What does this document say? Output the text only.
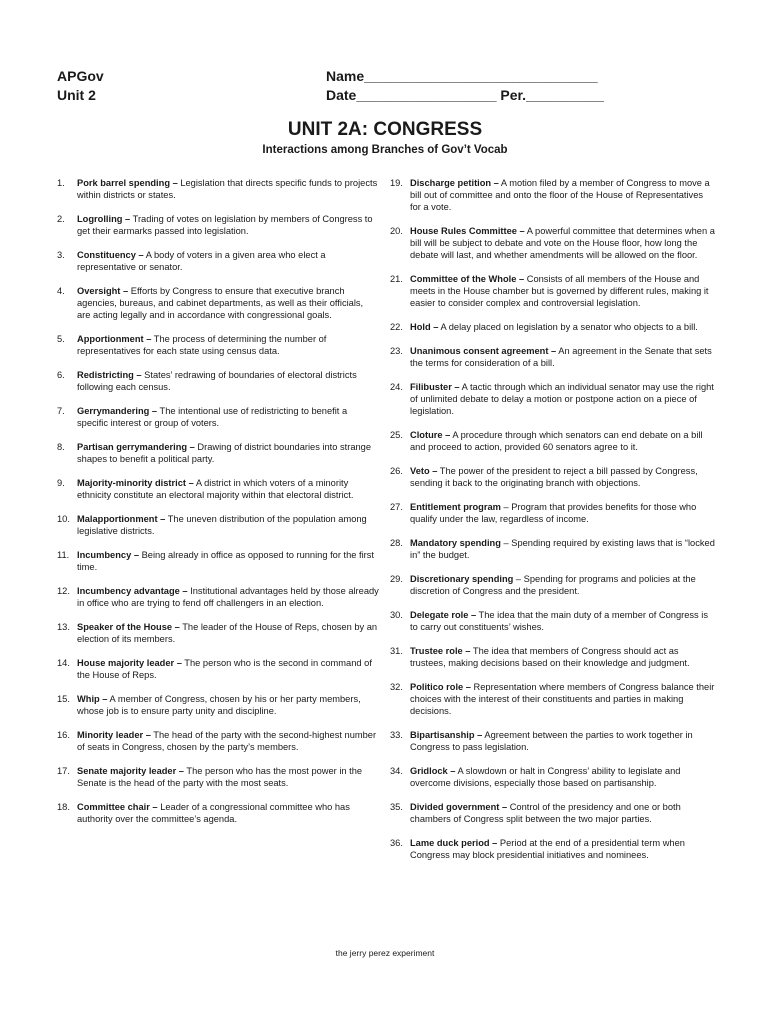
APGov
Unit 2
Name______________________________
Date__________________ Per.__________
UNIT 2A: CONGRESS
Interactions among Branches of Gov’t Vocab
1. Pork barrel spending – Legislation that directs specific funds to projects within districts or states.
2. Logrolling – Trading of votes on legislation by members of Congress to get their earmarks passed into legislation.
3. Constituency – A body of voters in a given area who elect a representative or senator.
4. Oversight – Efforts by Congress to ensure that executive branch agencies, bureaus, and cabinet departments, as well as their officials, are acting legally and in accordance with congressional goals.
5. Apportionment – The process of determining the number of representatives for each state using census data.
6. Redistricting – States’ redrawing of boundaries of electoral districts following each census.
7. Gerrymandering – The intentional use of redistricting to benefit a specific interest or group of voters.
8. Partisan gerrymandering – Drawing of district boundaries into strange shapes to benefit a political party.
9. Majority-minority district – A district in which voters of a minority ethnicity constitute an electoral majority within that electoral district.
10. Malapportionment – The uneven distribution of the population among legislative districts.
11. Incumbency – Being already in office as opposed to running for the first time.
12. Incumbency advantage – Institutional advantages held by those already in office who are trying to fend off challengers in an election.
13. Speaker of the House – The leader of the House of Reps, chosen by an election of its members.
14. House majority leader – The person who is the second in command of the House of Reps.
15. Whip – A member of Congress, chosen by his or her party members, whose job is to ensure party unity and discipline.
16. Minority leader – The head of the party with the second-highest number of seats in Congress, chosen by the party’s members.
17. Senate majority leader – The person who has the most power in the Senate is the head of the party with the most seats.
18. Committee chair – Leader of a congressional committee who has authority over the committee’s agenda.
19. Discharge petition – A motion filed by a member of Congress to move a bill out of committee and onto the floor of the House of Representatives for a vote.
20. House Rules Committee – A powerful committee that determines when a bill will be subject to debate and vote on the House floor, how long the debate will last, and whether amendments will be allowed on the floor.
21. Committee of the Whole – Consists of all members of the House and meets in the House chamber but is governed by different rules, making it easier to consider complex and controversial legislation.
22. Hold – A delay placed on legislation by a senator who objects to a bill.
23. Unanimous consent agreement – An agreement in the Senate that sets the terms for consideration of a bill.
24. Filibuster – A tactic through which an individual senator may use the right of unlimited debate to delay a motion or postpone action on a piece of legislation.
25. Cloture – A procedure through which senators can end debate on a bill and proceed to action, provided 60 senators agree to it.
26. Veto – The power of the president to reject a bill passed by Congress, sending it back to the originating branch with objections.
27. Entitlement program – Program that provides benefits for those who qualify under the law, regardless of income.
28. Mandatory spending – Spending required by existing laws that is “locked in” the budget.
29. Discretionary spending – Spending for programs and policies at the discretion of Congress and the president.
30. Delegate role – The idea that the main duty of a member of Congress is to carry out constituents’ wishes.
31. Trustee role – The idea that members of Congress should act as trustees, making decisions based on their knowledge and judgment.
32. Politico role – Representation where members of Congress balance their choices with the interest of their constituents and parties in making decisions.
33. Bipartisanship – Agreement between the parties to work together in Congress to pass legislation.
34. Gridlock – A slowdown or halt in Congress’ ability to legislate and overcome divisions, especially those based on partisanship.
35. Divided government – Control of the presidency and one or both chambers of Congress split between the two major parties.
36. Lame duck period – Period at the end of a presidential term when Congress may block presidential initiatives and nominees.
the jerry perez experiment
